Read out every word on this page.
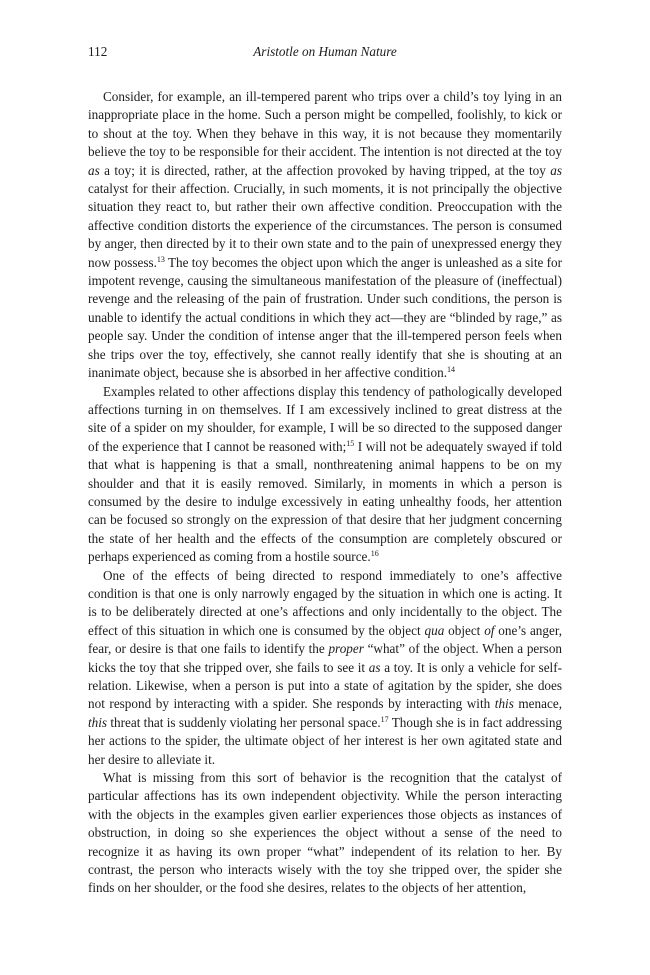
112	Aristotle on Human Nature

Consider, for example, an ill-tempered parent who trips over a child’s toy lying in an inappropriate place in the home. Such a person might be compelled, foolishly, to kick or to shout at the toy. When they behave in this way, it is not because they momentarily believe the toy to be responsible for their accident. The intention is not directed at the toy as a toy; it is directed, rather, at the affection provoked by having tripped, at the toy as catalyst for their affection. Crucially, in such moments, it is not principally the objective situation they react to, but rather their own affective condition. Preoccupation with the affective condition distorts the experience of the circumstances. The person is consumed by anger, then directed by it to their own state and to the pain of unexpressed energy they now possess.$^{13}$ The toy becomes the object upon which the anger is unleashed as a site for impotent revenge, causing the simultaneous manifestation of the pleasure of (ineffectual) revenge and the releasing of the pain of frustration. Under such conditions, the person is unable to identify the actual conditions in which they act—they are “blinded by rage,” as people say. Under the condition of intense anger that the ill-tempered person feels when she trips over the toy, effectively, she cannot really identify that she is shouting at an inanimate object, because she is absorbed in her affective condition.$^{14}$

Examples related to other affections display this tendency of pathologically developed affections turning in on themselves. If I am excessively inclined to great distress at the site of a spider on my shoulder, for example, I will be so directed to the supposed danger of the experience that I cannot be reasoned with;$^{15}$ I will not be adequately swayed if told that what is happening is that a small, nonthreatening animal happens to be on my shoulder and that it is easily removed. Similarly, in moments in which a person is consumed by the desire to indulge excessively in eating unhealthy foods, her attention can be focused so strongly on the expression of that desire that her judgment concerning the state of her health and the effects of the consumption are completely obscured or perhaps experienced as coming from a hostile source.$^{16}$

One of the effects of being directed to respond immediately to one’s affective condition is that one is only narrowly engaged by the situation in which one is acting. It is to be deliberately directed at one’s affections and only incidentally to the object. The effect of this situation in which one is consumed by the object qua object of one’s anger, fear, or desire is that one fails to identify the proper “what” of the object. When a person kicks the toy that she tripped over, she fails to see it as a toy. It is only a vehicle for self-relation. Likewise, when a person is put into a state of agitation by the spider, she does not respond by interacting with a spider. She responds by interacting with this menace, this threat that is suddenly violating her personal space.$^{17}$ Though she is in fact addressing her actions to the spider, the ultimate object of her interest is her own agitated state and her desire to alleviate it.

What is missing from this sort of behavior is the recognition that the catalyst of particular affections has its own independent objectivity. While the person interacting with the objects in the examples given earlier experiences those objects as instances of obstruction, in doing so she experiences the object without a sense of the need to recognize it as having its own proper “what” independent of its relation to her. By contrast, the person who interacts wisely with the toy she tripped over, the spider she finds on her shoulder, or the food she desires, relates to the objects of her attention,
